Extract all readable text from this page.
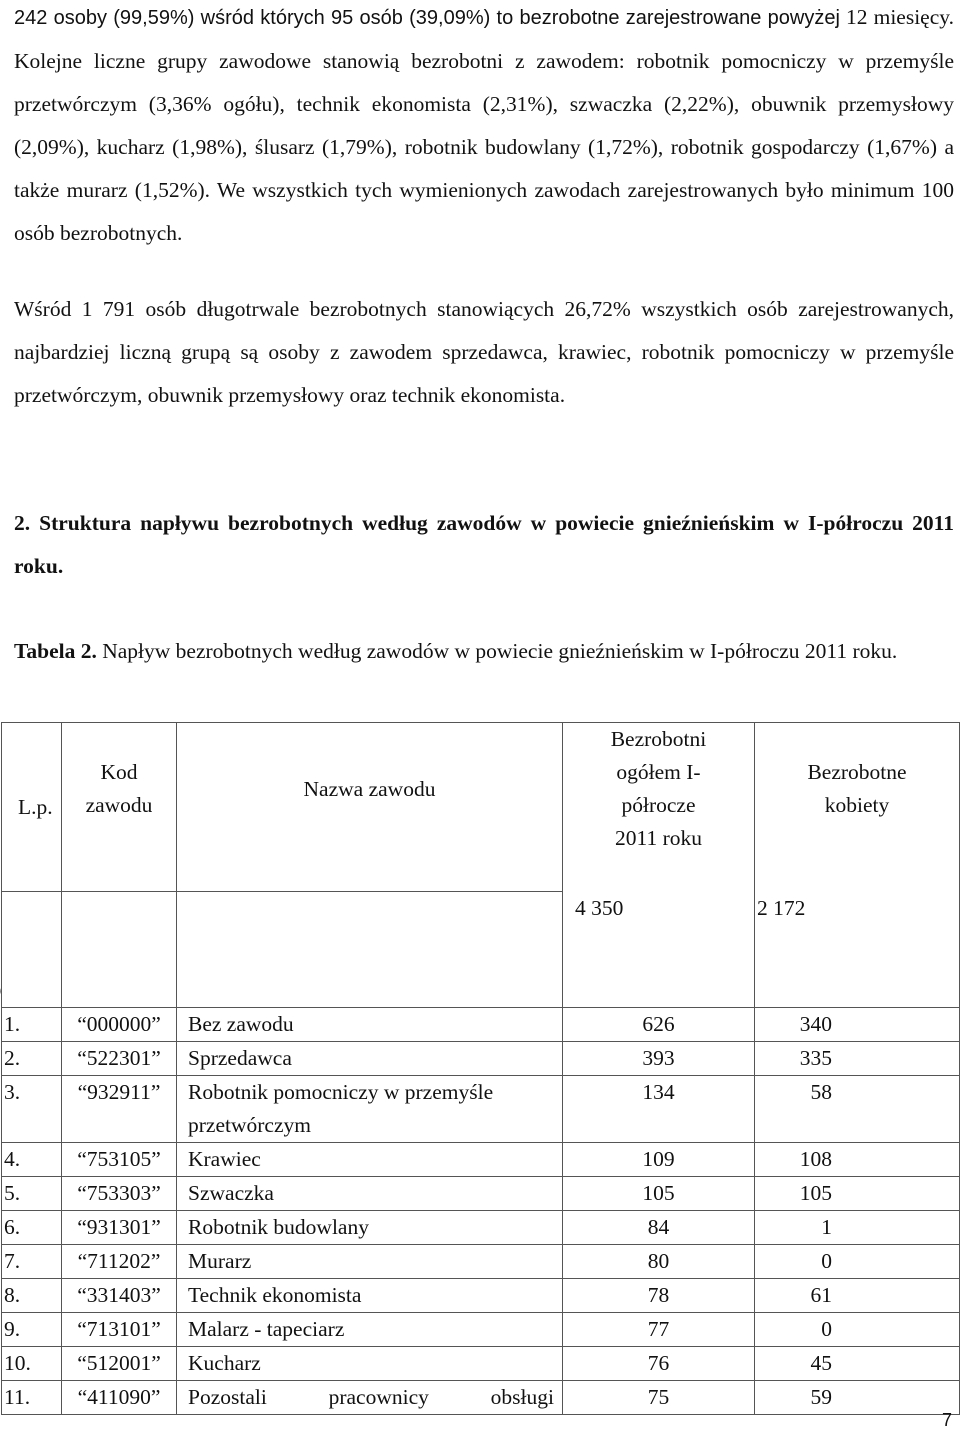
242 osoby (99,59%) wśród których 95 osób (39,09%) to bezrobotne zarejestrowane powyżej 12 miesięcy. Kolejne liczne grupy zawodowe stanowią bezrobotni z zawodem: robotnik pomocniczy w przemyśle przetwórczym (3,36% ogółu), technik ekonomista (2,31%), szwaczka (2,22%), obuwnik przemysłowy (2,09%), kucharz (1,98%), ślusarz (1,79%), robotnik budowlany (1,72%), robotnik gospodarczy (1,67%) a także murarz (1,52%). We wszystkich tych wymienionych zawodach zarejestrowanych było minimum 100 osób bezrobotnych.

Wśród 1 791 osób długotrwale bezrobotnych stanowiących 26,72% wszystkich osób zarejestrowanych, najbardziej liczną grupą są osoby z zawodem sprzedawca, krawiec, robotnik pomocniczy w przemyśle przetwórczym, obuwnik przemysłowy oraz technik ekonomista.

2. Struktura napływu bezrobotnych według zawodów w powiecie gnieźnieńskim w I-półroczu 2011 roku.

Tabela 2. Napływ bezrobotnych według zawodów w powiecie gnieźnieńskim w I-półroczu 2011 roku.

L.p.	Kod zawodu	Nazwa zawodu	Bezrobotni ogółem I-półrocze 2011 roku	Bezrobotne kobiety

			4 350	2 172
1.	“000000”	Bez zawodu	626	340
2.	“522301”	Sprzedawca	393	335
3.	“932911”	Robotnik pomocniczy w przemyśle przetwórczym	134	58
4.	“753105”	Krawiec	109	108
5.	“753303”	Szwaczka	105	105
6.	“931301”	Robotnik budowlany	84	1
7.	“711202”	Murarz	80	0
8.	“331403”	Technik ekonomista	78	61
9.	“713101”	Malarz - tapeciarz	77	0
10.	“512001”	Kucharz	76	45
11.	“411090”	Pozostali pracownicy obsługi	75	59
7
